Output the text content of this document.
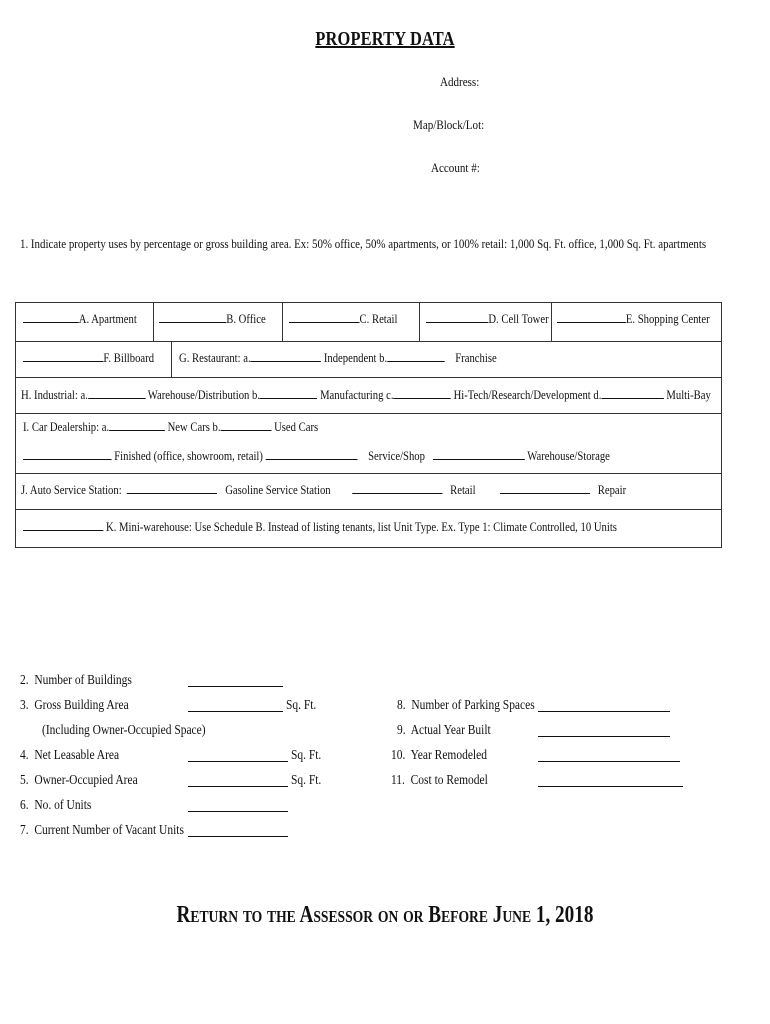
PROPERTY DATA
Address:
Map/Block/Lot:
Account #:
1. Indicate property uses by percentage or gross building area. Ex: 50% office, 50% apartments, or 100% retail: 1,000 Sq. Ft. office, 1,000 Sq. Ft. apartments
A. Apartment	B. Office	C. Retail	D. Cell Tower	E. Shopping Center
F. Billboard G. Restaurant: a.	Independent b.	Franchise
H. Industrial: a.	Warehouse/Distribution b.	Manufacturing c.	Hi-Tech/Research/Development d.	Multi-Bay
I. Car Dealership: a.	New Cars b.	Used Cars
Finished (office, showroom, retail)	Service/Shop	Warehouse/Storage
J. Auto Service Station:	Gasoline Service Station	Retail	Repair
K. Mini-warehouse: Use Schedule B. Instead of listing tenants, list Unit Type. Ex. Type 1: Climate Controlled, 10 Units
2. Number of Buildings
3. Gross Building Area	Sq. Ft.
(Including Owner-Occupied Space)
4. Net Leasable Area	Sq. Ft.
5. Owner-Occupied Area	Sq. Ft.
6. No. of Units
7. Current Number of Vacant Units
8. Number of Parking Spaces
9. Actual Year Built
10. Year Remodeled
11. Cost to Remodel
Return to the Assessor on or Before June 1, 2018
